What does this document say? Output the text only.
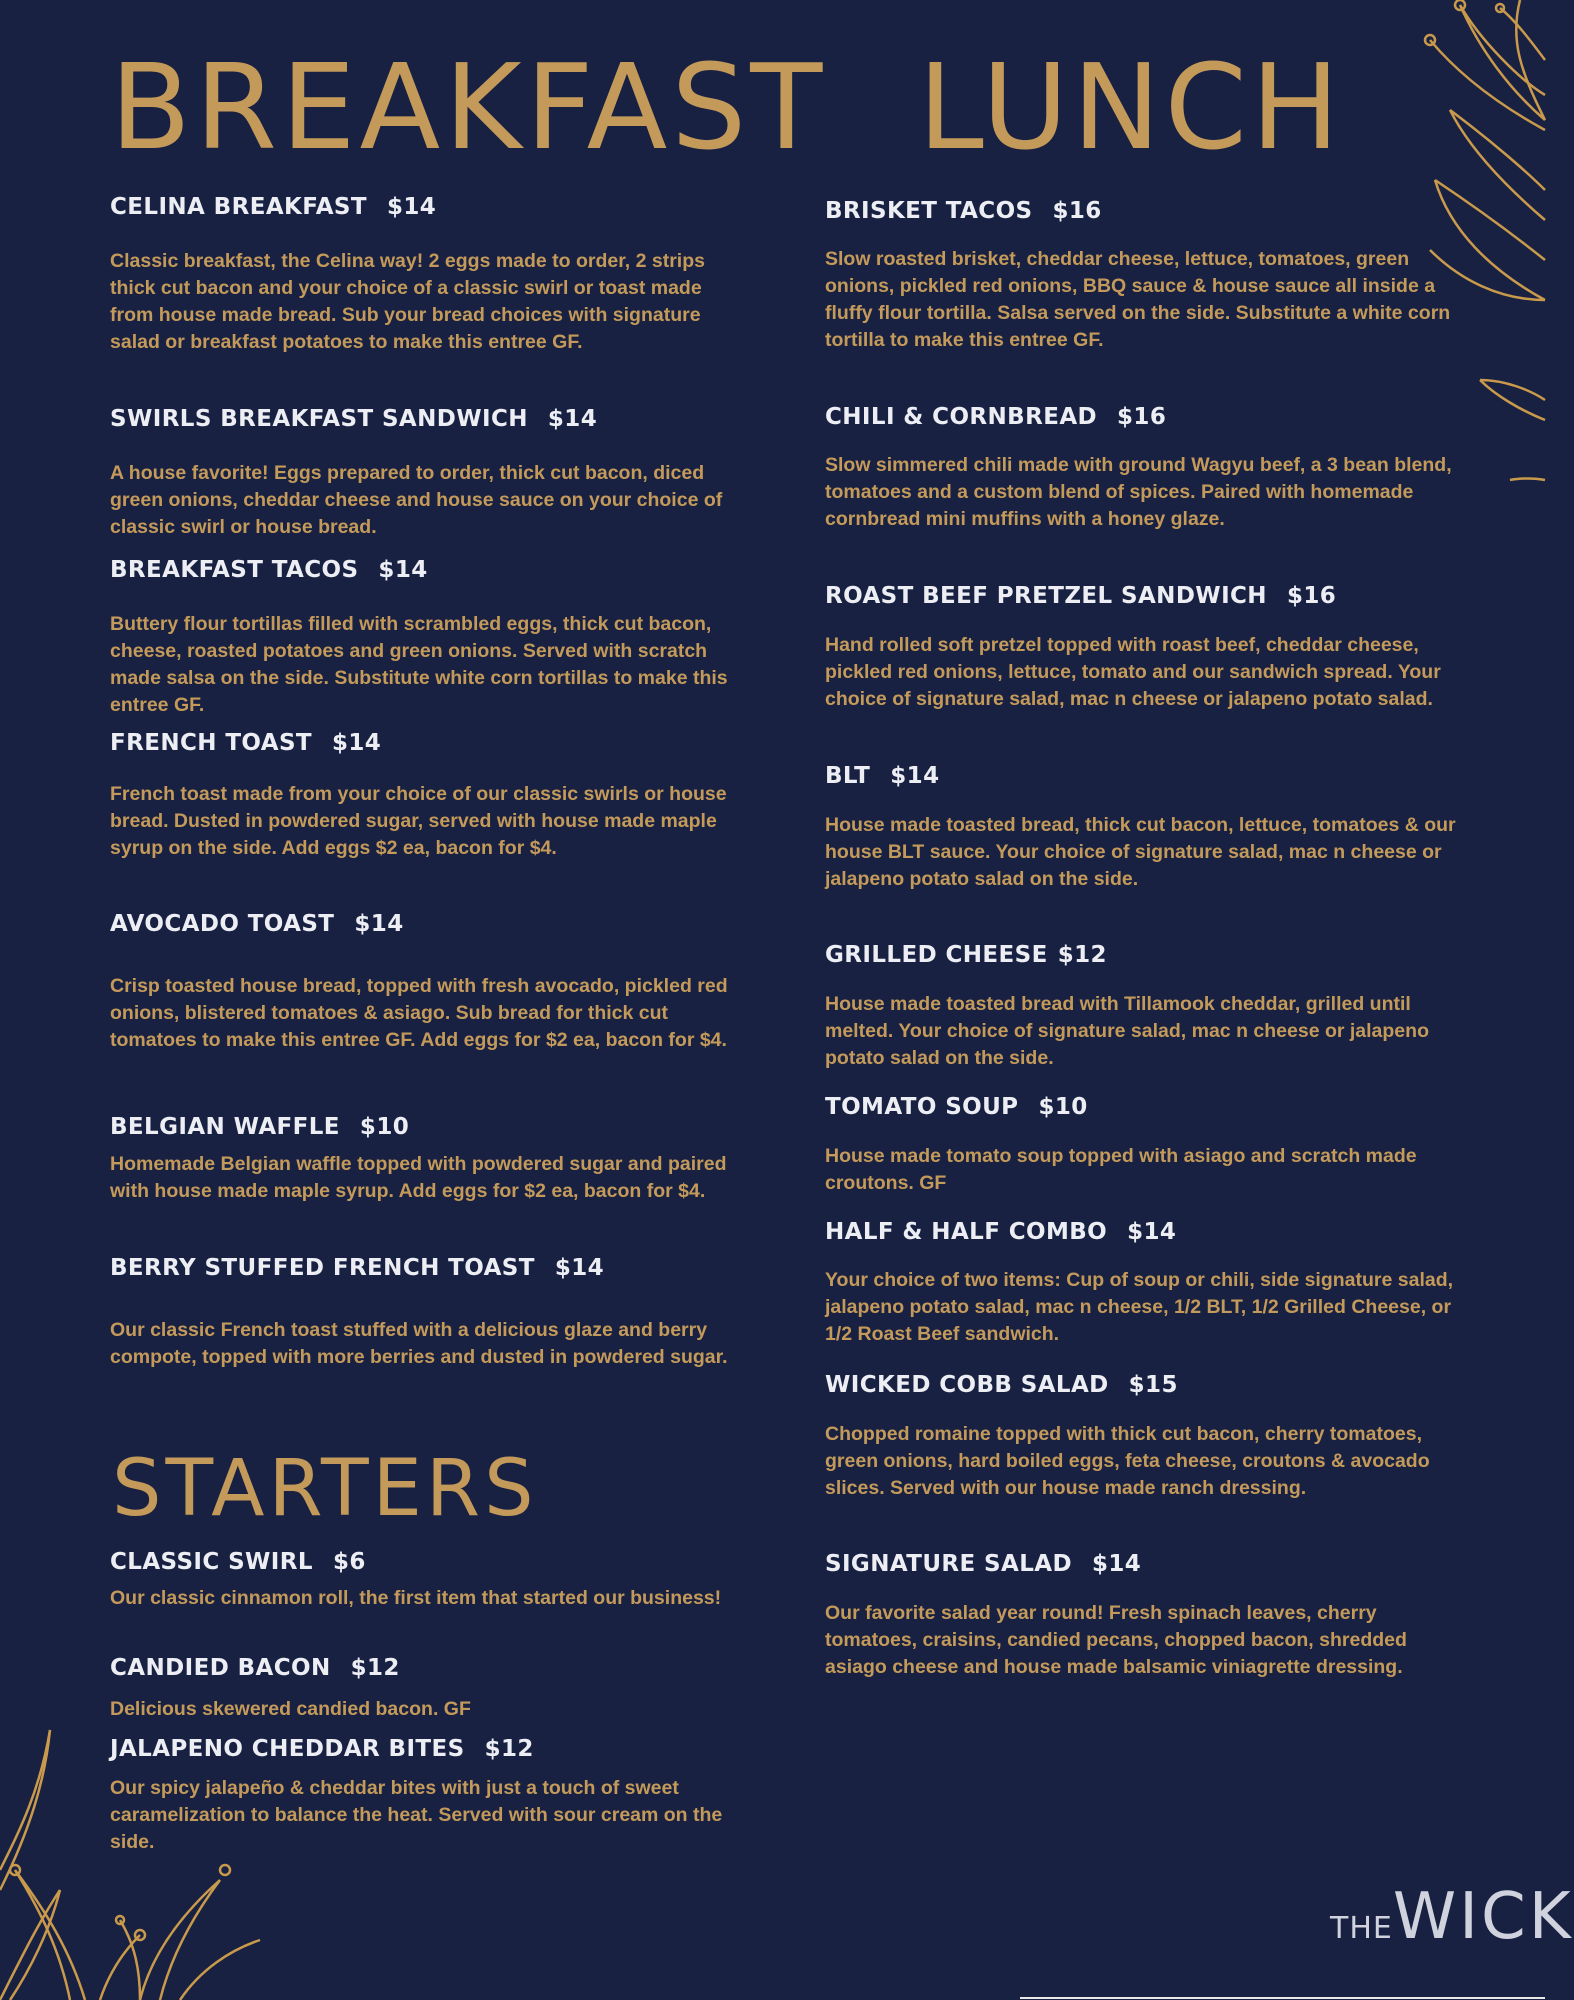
BREAKFAST

CELINA BREAKFAST $14

Classic breakfast, the Celina way! 2 eggs made to order, 2 strips thick cut bacon and your choice of a classic swirl or toast made from house made bread. Sub your bread choices with signature salad or breakfast potatoes to make this entree GF.

SWIRLS BREAKFAST SANDWICH $14

A house favorite! Eggs prepared to order, thick cut bacon, diced green onions, cheddar cheese and house sauce on your choice of classic swirl or house bread.

BREAKFAST TACOS $14

Buttery flour tortillas filled with scrambled eggs, thick cut bacon, cheese, roasted potatoes and green onions. Served with scratch made salsa on the side. Substitute white corn tortillas to make this entree GF.

FRENCH TOAST $14

French toast made from your choice of our classic swirls or house bread. Dusted in powdered sugar, served with house made maple syrup on the side. Add eggs $2 ea, bacon for $4.

AVOCADO TOAST $14

Crisp toasted house bread, topped with fresh avocado, pickled red onions, blistered tomatoes & asiago. Sub bread for thick cut tomatoes to make this entree GF. Add eggs for $2 ea, bacon for $4.

BELGIAN WAFFLE $10

Homemade Belgian waffle topped with powdered sugar and paired with house made maple syrup. Add eggs for $2 ea, bacon for $4.

BERRY STUFFED FRENCH TOAST $14

Our classic French toast stuffed with a delicious glaze and berry compote, topped with more berries and dusted in powdered sugar.

STARTERS

CLASSIC SWIRL $6

Our classic cinnamon roll, the first item that started our business!

CANDIED BACON $12

Delicious skewered candied bacon. GF

JALAPENO CHEDDAR BITES $12

Our spicy jalapeño & cheddar bites with just a touch of sweet caramelization to balance the heat. Served with sour cream on the side.

LUNCH

BRISKET TACOS $16

Slow roasted brisket, cheddar cheese, lettuce, tomatoes, green onions, pickled red onions, BBQ sauce & house sauce all inside a fluffy flour tortilla. Salsa served on the side. Substitute a white corn tortilla to make this entree GF.

CHILI & CORNBREAD $16

Slow simmered chili made with ground Wagyu beef, a 3 bean blend, tomatoes and a custom blend of spices. Paired with homemade cornbread mini muffins with a honey glaze.

ROAST BEEF PRETZEL SANDWICH $16

Hand rolled soft pretzel topped with roast beef, cheddar cheese, pickled red onions, lettuce, tomato and our sandwich spread. Your choice of signature salad, mac n cheese or jalapeno potato salad.

BLT $14

House made toasted bread, thick cut bacon, lettuce, tomatoes & our house BLT sauce. Your choice of signature salad, mac n cheese or jalapeno potato salad on the side.

GRILLED CHEESE $12

House made toasted bread with Tillamook cheddar, grilled until melted. Your choice of signature salad, mac n cheese or jalapeno potato salad on the side.

TOMATO SOUP $10

House made tomato soup topped with asiago and scratch made croutons. GF

HALF & HALF COMBO $14

Your choice of two items: Cup of soup or chili, side signature salad, jalapeno potato salad, mac n cheese, 1/2 BLT, 1/2 Grilled Cheese, or 1/2 Roast Beef sandwich.

WICKED COBB SALAD $15

Chopped romaine topped with thick cut bacon, cherry tomatoes, green onions, hard boiled eggs, feta cheese, croutons & avocado slices. Served with our house made ranch dressing.

SIGNATURE SALAD $14

Our favorite salad year round! Fresh spinach leaves, cherry tomatoes, craisins, candied pecans, chopped bacon, shredded asiago cheese and house made balsamic viniagrette dressing.

THEWICK
